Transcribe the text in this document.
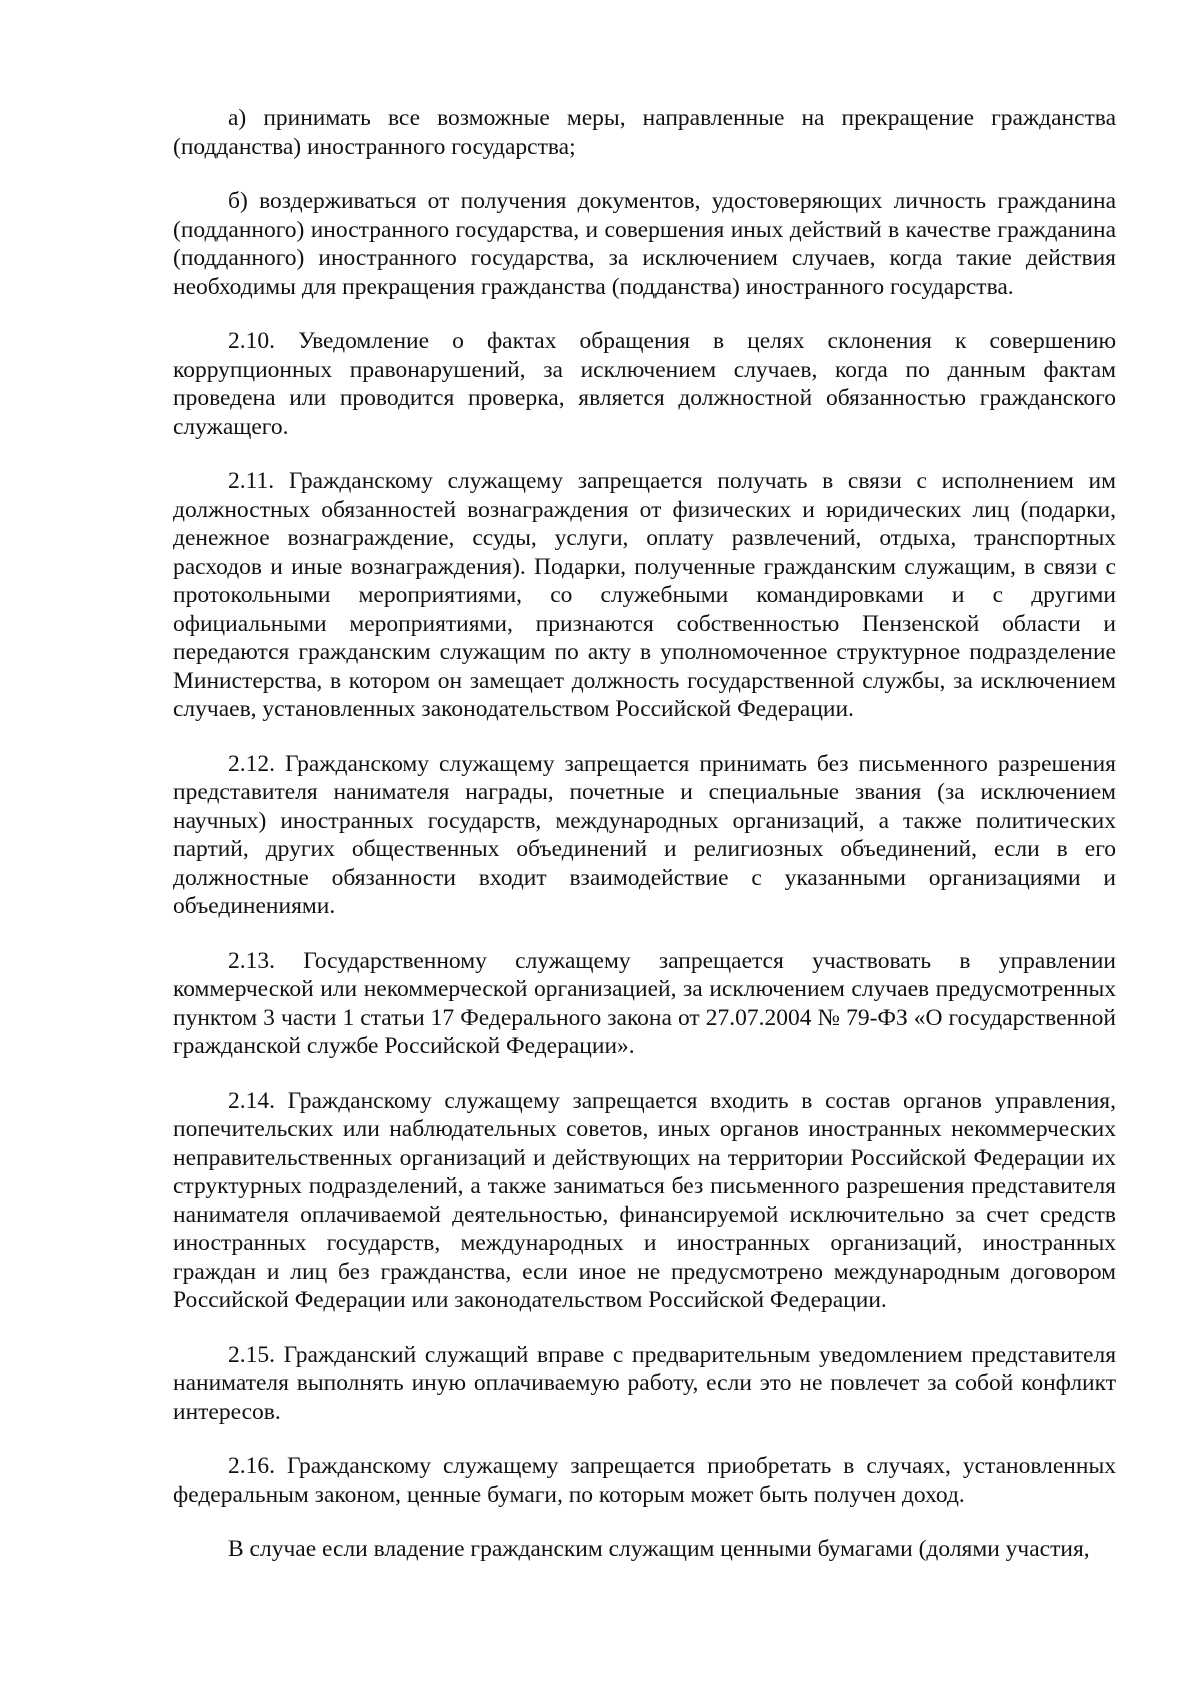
а) принимать все возможные меры, направленные на прекращение гражданства (подданства) иностранного государства;

б) воздерживаться от получения документов, удостоверяющих личность гражданина (подданного) иностранного государства, и совершения иных действий в качестве гражданина (подданного) иностранного государства, за исключением случаев, когда такие действия необходимы для прекращения гражданства (подданства) иностранного государства.

2.10. Уведомление о фактах обращения в целях склонения к совершению коррупционных правонарушений, за исключением случаев, когда по данным фактам проведена или проводится проверка, является должностной обязанностью гражданского служащего.

2.11. Гражданскому служащему запрещается получать в связи с исполнением им должностных обязанностей вознаграждения от физических и юридических лиц (подарки, денежное вознаграждение, ссуды, услуги, оплату развлечений, отдыха, транспортных расходов и иные вознаграждения). Подарки, полученные гражданским служащим, в связи с протокольными мероприятиями, со служебными командировками и с другими официальными мероприятиями, признаются собственностью Пензенской области и передаются гражданским служащим по акту в уполномоченное структурное подразделение Министерства, в котором он замещает должность государственной службы, за исключением случаев, установленных законодательством Российской Федерации.

2.12. Гражданскому служащему запрещается принимать без письменного разрешения представителя нанимателя награды, почетные и специальные звания (за исключением научных) иностранных государств, международных организаций, а также политических партий, других общественных объединений и религиозных объединений, если в его должностные обязанности входит взаимодействие с указанными организациями и объединениями.

2.13. Государственному служащему запрещается участвовать в управлении коммерческой или некоммерческой организацией, за исключением случаев предусмотренных пунктом 3 части 1 статьи 17 Федерального закона от 27.07.2004 № 79-ФЗ «О государственной гражданской службе Российской Федерации».

2.14. Гражданскому служащему запрещается входить в состав органов управления, попечительских или наблюдательных советов, иных органов иностранных некоммерческих неправительственных организаций и действующих на территории Российской Федерации их структурных подразделений, а также заниматься без письменного разрешения представителя нанимателя оплачиваемой деятельностью, финансируемой исключительно за счет средств иностранных государств, международных и иностранных организаций, иностранных граждан и лиц без гражданства, если иное не предусмотрено международным договором Российской Федерации или законодательством Российской Федерации.

2.15. Гражданский служащий вправе с предварительным уведомлением представителя нанимателя выполнять иную оплачиваемую работу, если это не повлечет за собой конфликт интересов.

2.16. Гражданскому служащему запрещается приобретать в случаях, установленных федеральным законом, ценные бумаги, по которым может быть получен доход.

В случае если владение гражданским служащим ценными бумагами (долями участия,
